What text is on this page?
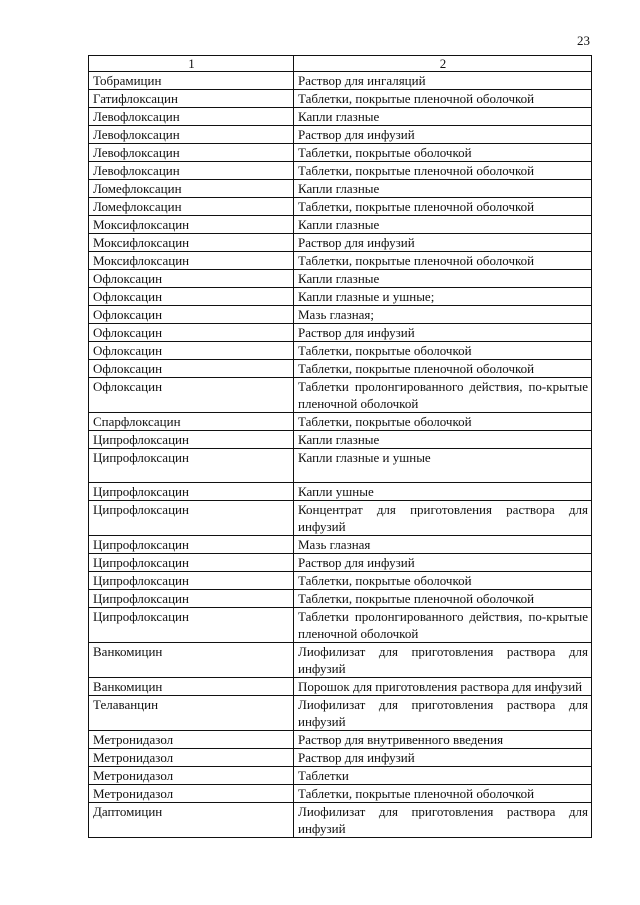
23
1	2
Тобрамицин	Раствор для ингаляций
Гатифлоксацин	Таблетки, покрытые пленочной оболочкой
Левофлоксацин	Капли глазные
Левофлоксацин	Раствор для инфузий
Левофлоксацин	Таблетки, покрытые оболочкой
Левофлоксацин	Таблетки, покрытые пленочной оболочкой
Ломефлоксацин	Капли глазные
Ломефлоксацин	Таблетки, покрытые пленочной оболочкой
Моксифлоксацин	Капли глазные
Моксифлоксацин	Раствор для инфузий
Моксифлоксацин	Таблетки, покрытые пленочной оболочкой
Офлоксацин	Капли глазные
Офлоксацин	Капли глазные и ушные;
Офлоксацин	Мазь глазная;
Офлоксацин	Раствор для инфузий
Офлоксацин	Таблетки, покрытые оболочкой
Офлоксацин	Таблетки, покрытые пленочной оболочкой
Офлоксацин	Таблетки пролонгированного действия, по-крытые пленочной оболочкой
Спарфлоксацин	Таблетки, покрытые оболочкой
Ципрофлоксацин	Капли глазные
Ципрофлоксацин	Капли глазные и ушные
Ципрофлоксацин	Капли ушные
Ципрофлоксацин	Концентрат для приготовления раствора для инфузий
Ципрофлоксацин	Мазь глазная
Ципрофлоксацин	Раствор для инфузий
Ципрофлоксацин	Таблетки, покрытые оболочкой
Ципрофлоксацин	Таблетки, покрытые пленочной оболочкой
Ципрофлоксацин	Таблетки пролонгированного действия, по-крытые пленочной оболочкой
Ванкомицин	Лиофилизат для приготовления раствора для инфузий
Ванкомицин	Порошок для приготовления раствора для инфузий
Телаванцин	Лиофилизат для приготовления раствора для инфузий
Метронидазол	Раствор для внутривенного введения
Метронидазол	Раствор для инфузий
Метронидазол	Таблетки
Метронидазол	Таблетки, покрытые пленочной оболочкой
Даптомицин	Лиофилизат для приготовления раствора для инфузий
